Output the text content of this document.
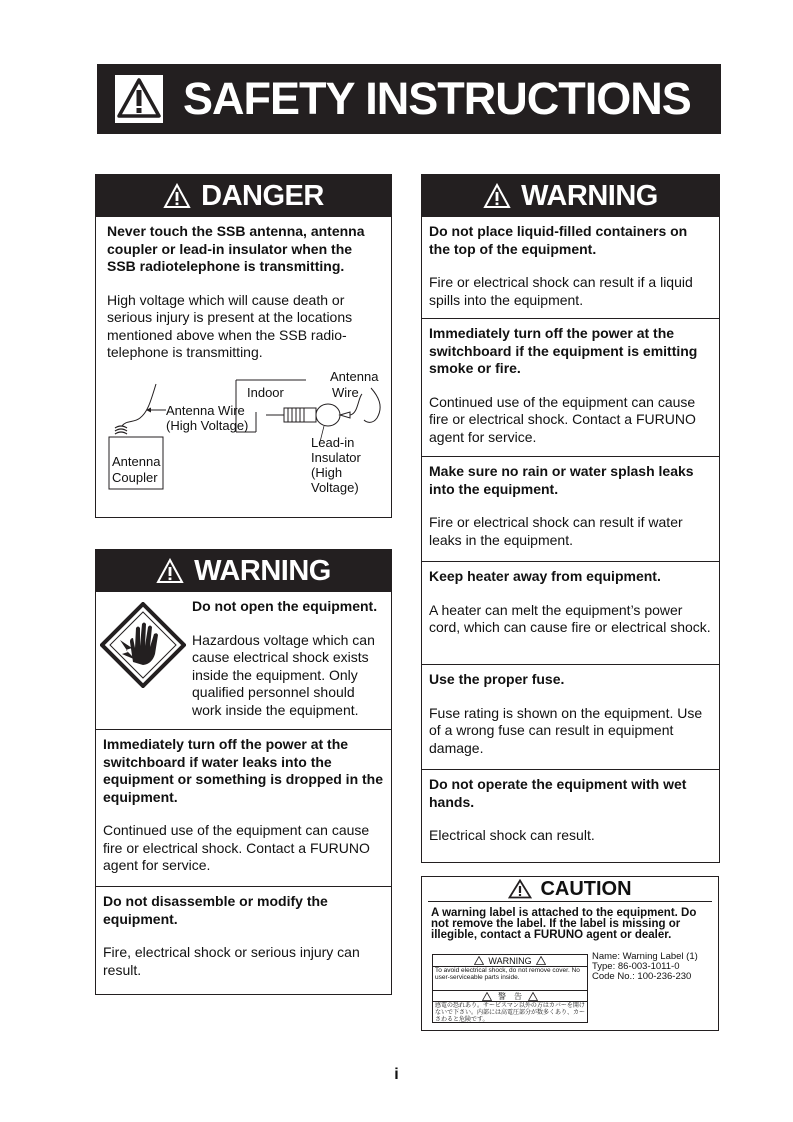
SAFETY INSTRUCTIONS
DANGER
Never touch the SSB antenna, antenna coupler or lead-in insulator when the SSB radiotelephone is transmitting.
High voltage which will cause death or serious injury is present at the locations mentioned above when the SSB radio-telephone is transmitting.
Indoor
Antenna
Wire
Antenna Wire
(High Voltage)
Antenna
Coupler
Lead-in
Insulator
(High
Voltage)
WARNING
Do not open the equipment.
Hazardous voltage which can cause electrical shock exists inside the equipment. Only qualified personnel should work inside the equipment.
Immediately turn off the power at the switchboard if water leaks into the equipment or something is dropped in the equipment.
Continued use of the equipment can cause fire or electrical shock. Contact a FURUNO agent for service.
Do not disassemble or modify the equipment.
Fire, electrical shock or serious injury can result.
WARNING
Do not place liquid-filled containers on the top of the equipment.
Fire or electrical shock can result if a liquid spills into the equipment.
Immediately turn off the power at the switchboard if the equipment is emitting smoke or fire.
Continued use of the equipment can cause fire or electrical shock. Contact a FURUNO agent for service.
Make sure no rain or water splash leaks into the equipment.
Fire or electrical shock can result if water leaks in the equipment.
Keep heater away from equipment.
A heater can melt the equipment’s power cord, which can cause fire or electrical shock.
Use the proper fuse.
Fuse rating is shown on the equipment. Use of a wrong fuse can result in equipment damage.
Do not operate the equipment with wet hands.
Electrical shock can result.
CAUTION
A warning label is attached to the equipment. Do not remove the label. If the label is missing or illegible, contact a FURUNO agent or dealer.
WARNING
To avoid electrical shock, do not remove cover. No user-serviceable parts inside.
警　告
感電の恐れあり。サービスマン以外の方はカバーを開けないで下さい。内部には高電圧部分が数多くあり、カーさわると危険です。
Name: Warning Label (1)
Type: 86-003-1011-0
Code No.: 100-236-230
i
